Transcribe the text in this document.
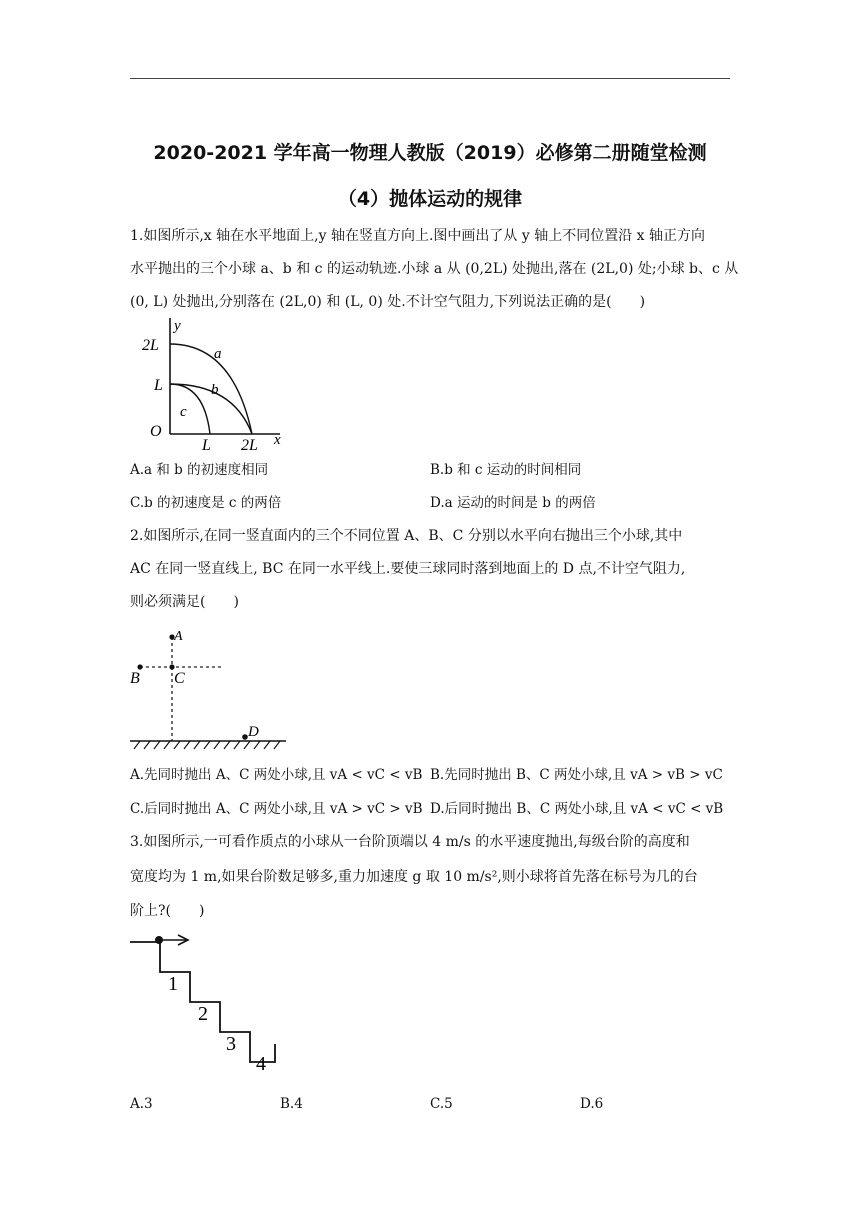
2020-2021 学年高一物理人教版（2019）必修第二册随堂检测
（4）抛体运动的规律
1.如图所示,x 轴在水平地面上,y 轴在竖直方向上.图中画出了从 y 轴上不同位置沿 x 轴正方向
水平抛出的三个小球 a、b 和 c 的运动轨迹.小球 a 从 (0,2L) 处抛出,落在 (2L,0) 处;小球 b、c 从
(0, L) 处抛出,分别落在 (2L,0) 和 (L, 0) 处.不计空气阻力,下列说法正确的是(　　)
y
x
O
2L
L
L 2L
a
b
c
A.a 和 b 的初速度相同	B.b 和 c 运动的时间相同
C.b 的初速度是 c 的两倍	D.a 运动的时间是 b 的两倍
2.如图所示,在同一竖直面内的三个不同位置 A、B、C 分别以水平向右抛出三个小球,其中
AC 在同一竖直线上, BC 在同一水平线上.要使三球同时落到地面上的 D 点,不计空气阻力,
则必须满足(　　)
A
B C
D
A.先同时抛出 A、C 两处小球,且 vA < vC < vB B.先同时抛出 B、C 两处小球,且 vA > vB > vC
C.后同时抛出 A、C 两处小球,且 vA > vC > vB D.后同时抛出 B、C 两处小球,且 vA < vC < vB
3.如图所示,一可看作质点的小球从一台阶顶端以 4 m/s 的水平速度抛出,每级台阶的高度和
宽度均为 1 m,如果台阶数足够多,重力加速度 g 取 10 m/s²,则小球将首先落在标号为几的台
阶上?(　　)
1
2
3
4
A.3	B.4	C.5	D.6
